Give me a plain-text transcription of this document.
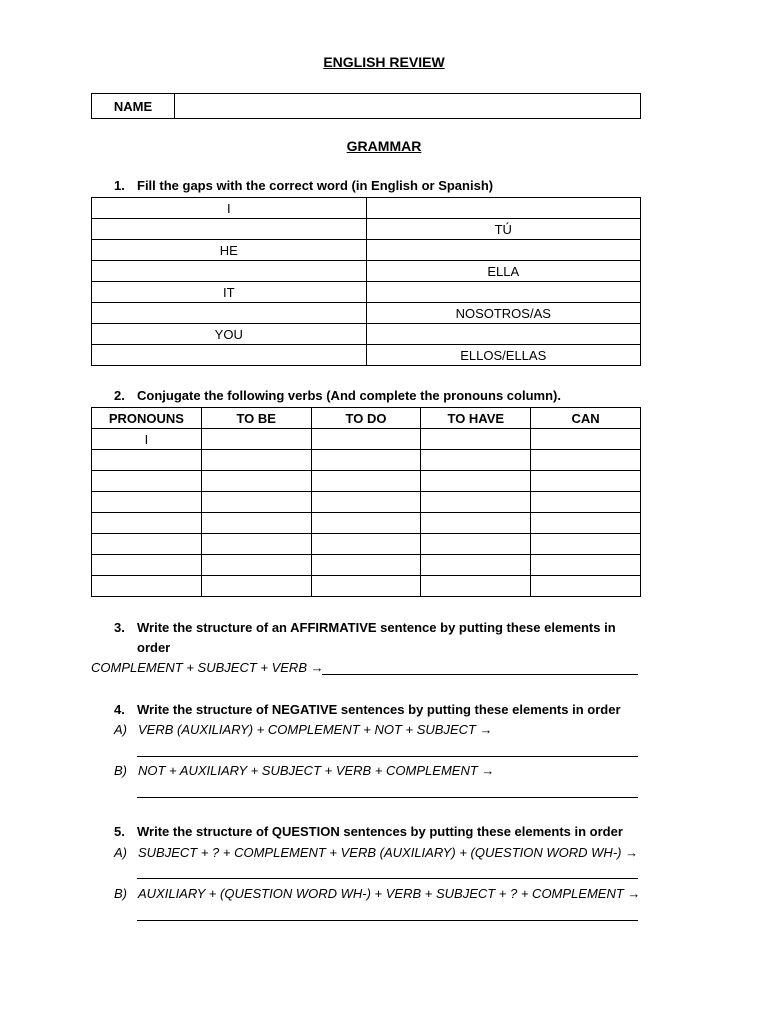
ENGLISH REVIEW
NAME	
GRAMMAR
1. Fill the gaps with the correct word (in English or Spanish)
I	
	TÚ
HE	
	ELLA
IT	
	NOSOTROS/AS
YOU	
	ELLOS/ELLAS
2. Conjugate the following verbs (And complete the pronouns column).
PRONOUNS	TO BE	TO DO	TO HAVE	CAN
I				

3. Write the structure of an AFFIRMATIVE sentence by putting these elements in
order
COMPLEMENT + SUBJECT + VERB →
4. Write the structure of NEGATIVE sentences by putting these elements in order
A) VERB (AUXILIARY) + COMPLEMENT + NOT + SUBJECT →
B) NOT + AUXILIARY + SUBJECT + VERB + COMPLEMENT →
5. Write the structure of QUESTION sentences by putting these elements in order
A) SUBJECT + ? + COMPLEMENT + VERB (AUXILIARY) + (QUESTION WORD WH-) →
B) AUXILIARY + (QUESTION WORD WH-) + VERB + SUBJECT + ? + COMPLEMENT →
